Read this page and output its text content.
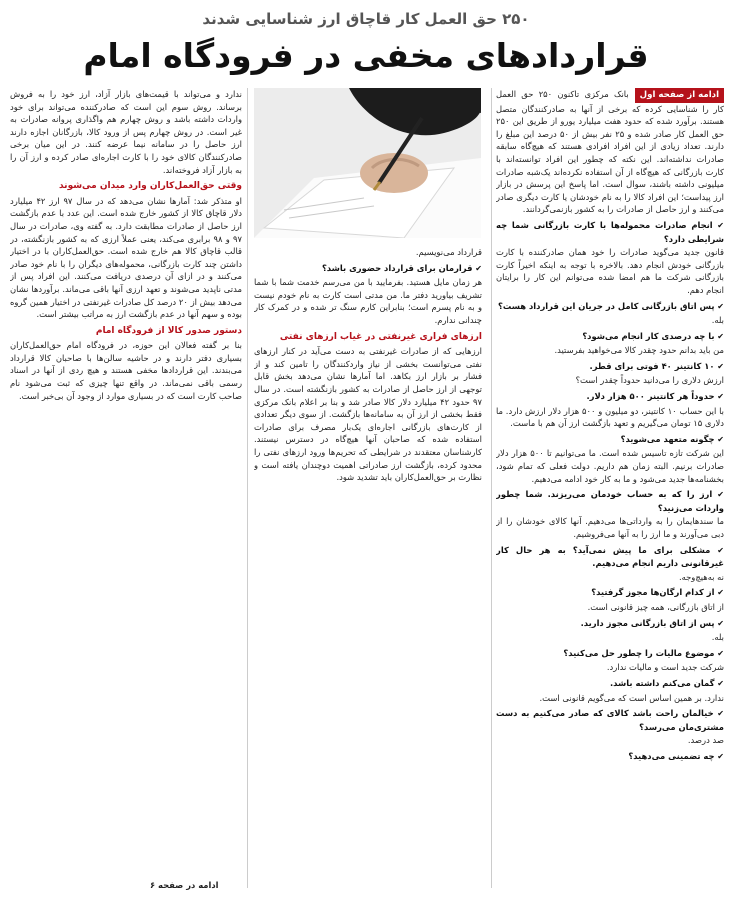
۲۵۰ حق العمل کار قاچاق ارز شناسایی شدند
قراردادهای مخفی در فرودگاه امام

ادامه از صفحه اولبانک مرکزی تاکنون ۲۵۰ حق العمل کار را شناسایی کرده که برخی از آنها به صادرکنندگان متصل هستند. برآورد شده که حدود هفت میلیارد یورو از طریق این ۲۵۰ حق العمل کار صادر شده و ۲۵ نفر بیش از ۵۰ درصد این مبلغ را دارند. تعداد زیادی از این افراد افرادی هستند که هیچ‌گاه سابقه صادرات نداشته‌اند. این نکته که چطور این افراد توانسته‌اند با کارت بازرگانی که هیچ‌گاه از آن استفاده نکرده‌اند یک‌شبه صادرات میلیونی داشته باشند، سوال است. اما پاسخ این پرسش در بازار ارز پیداست؛ این افراد کالا را به نام خودشان یا کارت دیگری صادر می‌کنند و ارز حاصل از صادرات را به کشور بازنمی‌گردانند.

✔ انجام صادرات محموله‌ها با کارت بازرگانی شما چه شرایطی دارد؟

قانون جدید می‌گوید صادرات را خود همان صادرکننده با کارت بازرگانی خودش انجام دهد. بالاخره با توجه به اینکه اخیراً کارت بازرگانی شرکت ما هم امضا شده می‌توانم این کار را برایتان انجام دهم.

✔ پس اتاق بازرگانی کامل در جریان این قرارداد هست؟

بله.

✔ با چه درصدی کار انجام می‌شود؟

من باید بدانم حدود چقدر کالا می‌خواهید بفرستید.

✔ ۱۰ کانتینر ۴۰ فوتی برای قطر.

ارزش دلاری را می‌دانید حدوداً چقدر است؟

✔ حدوداً هر کانتینر ۵۰۰ هزار دلار.

با این حساب ۱۰ کانتینر، دو میلیون و ۵۰۰ هزار دلار ارزش دارد. ما دلاری ۱۵ تومان می‌گیریم و تعهد بازگشت ارز آن هم با ماست.

✔ چگونه متعهد می‌شوید؟

این شرکت تازه تاسیس شده است. ما می‌توانیم تا ۵۰۰ هزار دلار صادرات برنیم. البته زمان هم داریم. دولت فعلی که تمام شود، بخشنامه‌ها جدید می‌شود و ما به کار خود ادامه می‌دهیم.

✔ ارز را که به حساب خودمان می‌ریزند. شما چطور واردات می‌زنید؟

ما سندهایمان را به وارداتی‌ها می‌دهیم. آنها کالای خودشان را از دبی می‌آورند و ما ارز را به آنها می‌فروشیم.

✔ مشکلی برای ما پیش نمی‌آید؟ به هر حال کار غیرقانونی داریم انجام می‌دهیم.

نه به‌هیچ‌وجه.

✔ از کدام ارگان‌ها مجوز گرفتید؟

از اتاق بازرگانی، همه چیز قانونی است.

✔ پس از اتاق بازرگانی مجوز دارید.

بله.

✔ موضوع مالیات را چطور حل می‌کنید؟

شرکت جدید است و مالیات ندارد.

✔ گمان می‌کنم داشته باشد.

ندارد. بر همین اساس است که می‌گویم قانونی است.

✔ خیالمان راحت باشد کالای که صادر می‌کنیم به دست مشتری‌مان می‌رسد؟

صد درصد.

✔ چه تضمینی می‌دهید؟

قرارداد می‌نویسیم.

✔ قرارمان برای قرارداد حضوری باشد؟

هر زمان مایل هستید. بفرمایید با من می‌رسم خدمت شما با شما تشریف بیاورید دفتر ما. من مدتی است کارت به نام خودم نیست و به نام پسرم است؛ بنابراین کارم سنگ تر شده و در کمرک کار چندانی ندارم.

ارزهای فراری غیرنفتی در غیاب ارزهای نفتی

ارزهایی که از صادرات غیرنفتی به دست می‌آید در کنار ارزهای نفتی می‌توانست بخشی از نیاز واردکنندگان را تامین کند و از فشار بر بازار ارز بکاهد. اما آمارها نشان می‌دهد بخش قابل توجهی از ارز حاصل از صادرات به کشور بازنگشته است. در سال ۹۷ حدود ۴۲ میلیارد دلار کالا صادر شد و بنا بر اعلام بانک مرکزی فقط بخشی از ارز آن به سامانه‌ها بازگشت. از سوی دیگر تعدادی از کارت‌های بازرگانی اجاره‌ای یک‌بار مصرف برای صادرات استفاده شده که صاحبان آنها هیچ‌گاه در دسترس نیستند. کارشناسان معتقدند در شرایطی که تحریم‌ها ورود ارزهای نفتی را محدود کرده، بازگشت ارز صادراتی اهمیت دوچندان یافته است و نظارت بر حق‌العمل‌کاران باید تشدید شود.

ندارد و می‌تواند با قیمت‌های بازار آزاد، ارز خود را به فروش برساند. روش سوم این است که صادرکننده می‌تواند برای خود واردات داشته باشد و روش چهارم هم واگذاری پروانه صادرات به غیر است. در روش چهارم پس از ورود کالا، بازرگانان اجازه دارند ارز حاصل را در سامانه نیما عرضه کنند. در این میان برخی صادرکنندگان کالای خود را با کارت اجاره‌ای صادر کرده و ارز آن را به بازار آزاد فروخته‌اند.

وقتی حق‌العمل‌کاران وارد میدان می‌شوند

او متذکر شد: آمارها نشان می‌دهد که در سال ۹۷ ارز ۴۲ میلیارد دلار قاچاق کالا از کشور خارج شده است. این عدد با عدم بازگشت ارز حاصل از صادرات مطابقت دارد. به گفته وی، صادرات در سال ۹۷ و ۹۸ برابری می‌کند، یعنی عملاً ارزی که به کشور بازنگشته، در قالب قاچاق کالا هم خارج شده است. حق‌العمل‌کاران با در اختیار داشتن چند کارت بازرگانی، محموله‌های دیگران را با نام خود صادر می‌کنند و در ازای آن درصدی دریافت می‌کنند. این افراد پس از مدتی ناپدید می‌شوند و تعهد ارزی آنها باقی می‌ماند. برآوردها نشان می‌دهد بیش از ۲۰ درصد کل صادرات غیرنفتی در اختیار همین گروه بوده و سهم آنها در عدم بازگشت ارز به مراتب بیشتر است.

دستور صدور کالا از فرودگاه امام

بنا بر گفته فعالان این حوزه، در فرودگاه امام حق‌العمل‌کاران بسیاری دفتر دارند و در حاشیه سالن‌ها با صاحبان کالا قرارداد می‌بندند. این قراردادها مخفی هستند و هیچ ردی از آنها در اسناد رسمی باقی نمی‌ماند. در واقع تنها چیزی که ثبت می‌شود نام صاحب کارت است که در بسیاری موارد از وجود آن بی‌خبر است.

ادامه در صفحه ۶
